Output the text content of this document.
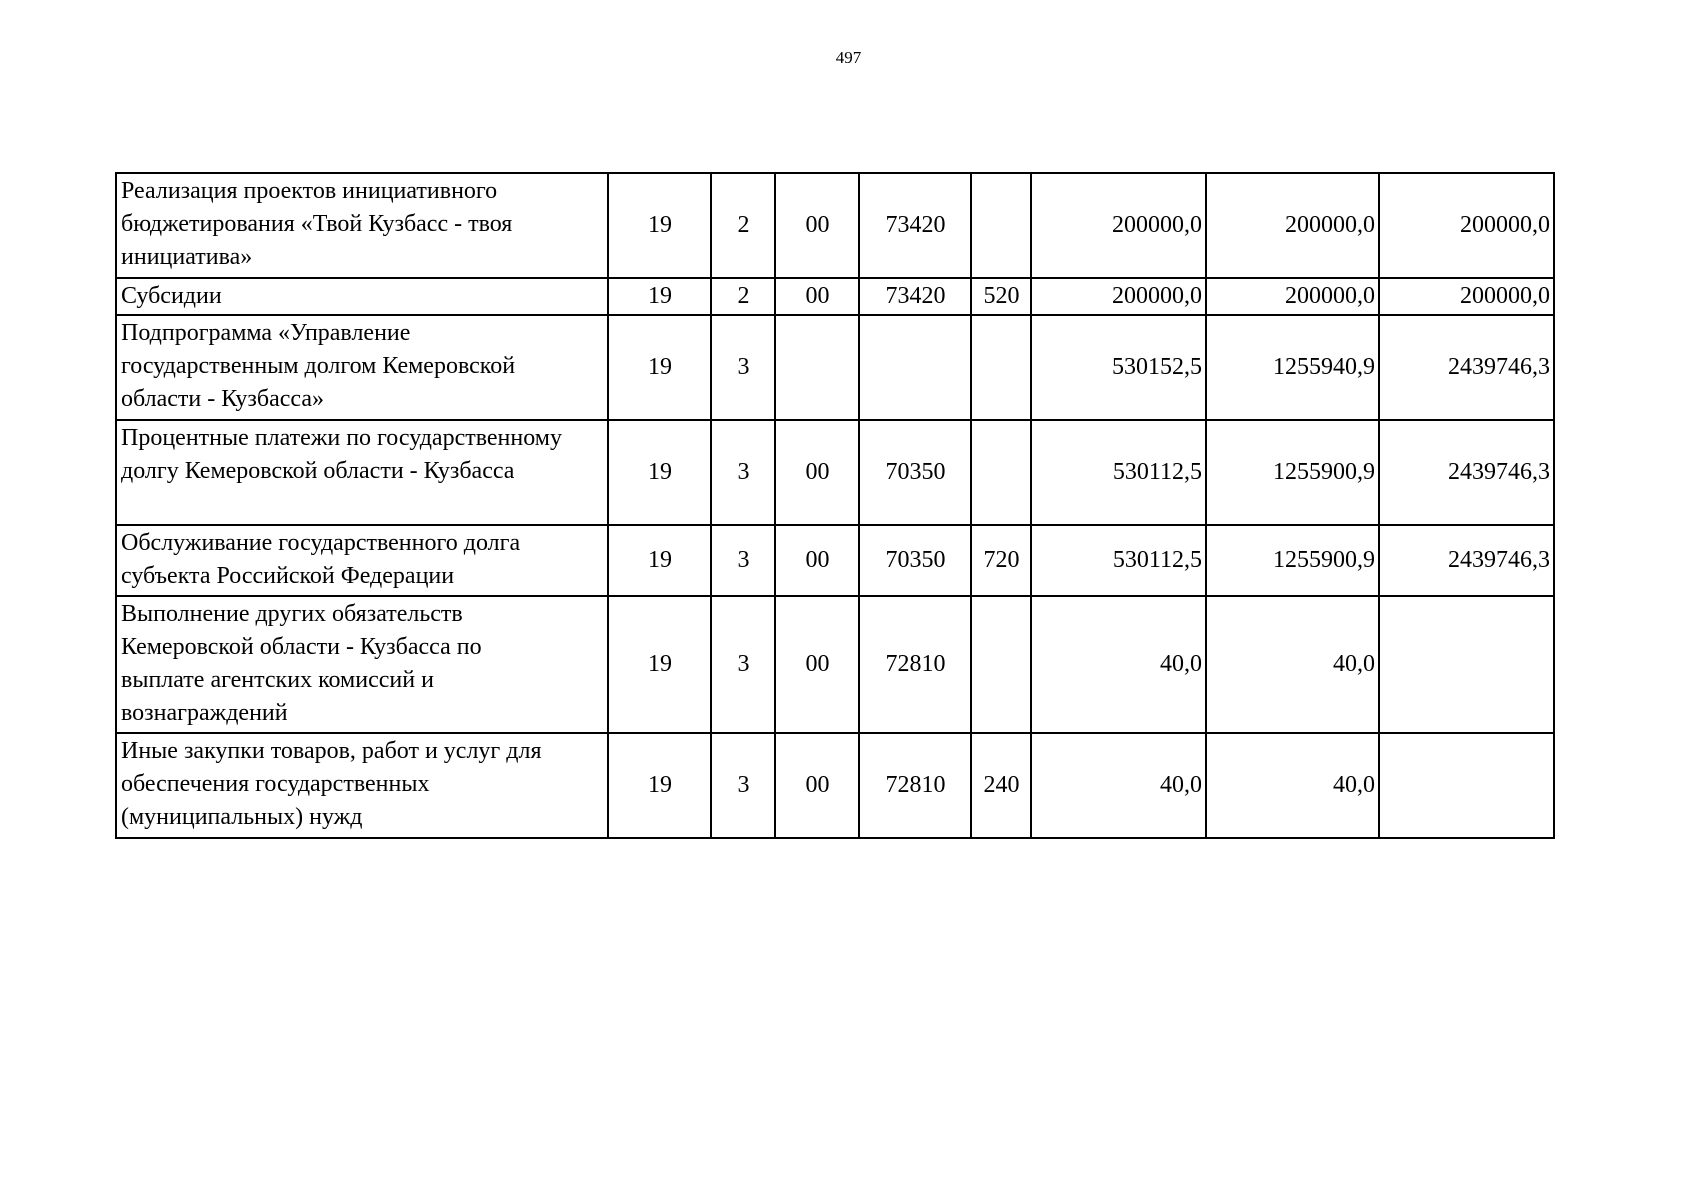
497
Реализация проектов инициативного
бюджетирования «Твой Кузбасс - твоя
инициатива»	19	2	00	73420		200000,0	200000,0	200000,0

Субсидии	19	2	00	73420	520	200000,0	200000,0	200000,0

Подпрограмма «Управление
государственным долгом Кемеровской
области - Кузбасса»	19	3				530152,5	1255940,9	2439746,3

Процентные платежи по государственному
долгу Кемеровской области - Кузбасса	19	3	00	70350		530112,5	1255900,9	2439746,3

Обслуживание государственного долга
субъекта Российской Федерации	19	3	00	70350	720	530112,5	1255900,9	2439746,3

Выполнение других обязательств
Кемеровской области - Кузбасса по
выплате агентских комиссий и
вознаграждений	19	3	00	72810		40,0	40,0	

Иные закупки товаров, работ и услуг для
обеспечения государственных
(муниципальных) нужд	19	3	00	72810	240	40,0	40,0	
